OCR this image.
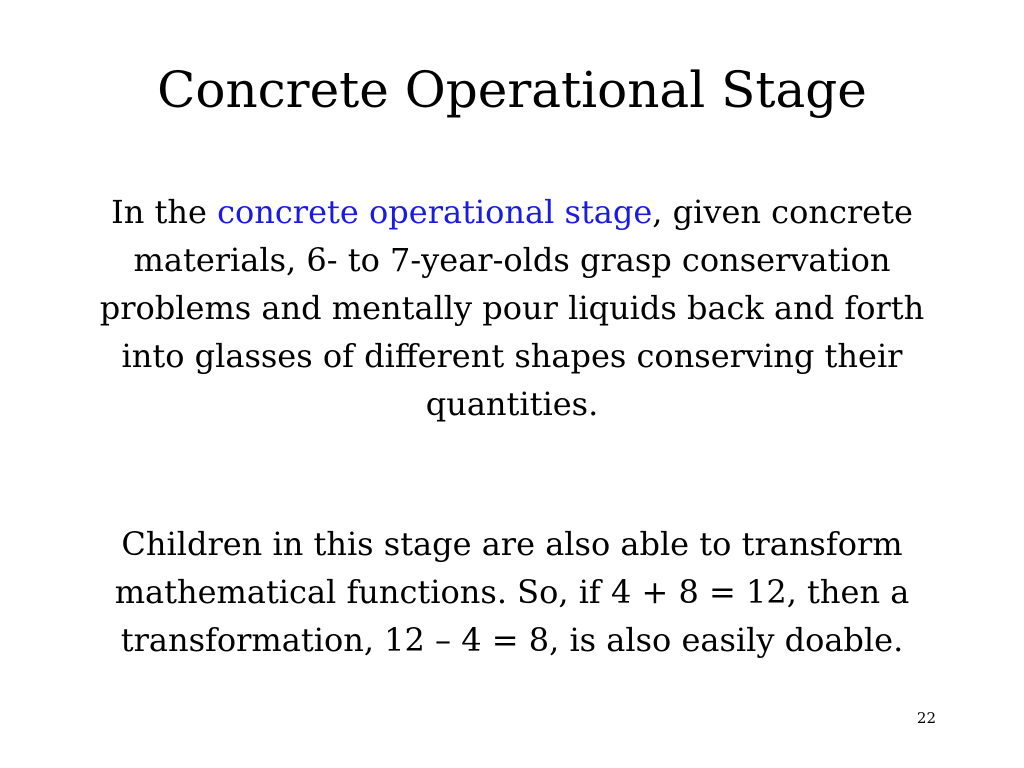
Concrete Operational Stage
In the concrete operational stage, given concrete materials, 6- to 7-year-olds grasp conservation problems and mentally pour liquids back and forth into glasses of different shapes conserving their quantities.
Children in this stage are also able to transform mathematical functions. So, if 4 + 8 = 12, then a transformation, 12 – 4 = 8, is also easily doable.
22
